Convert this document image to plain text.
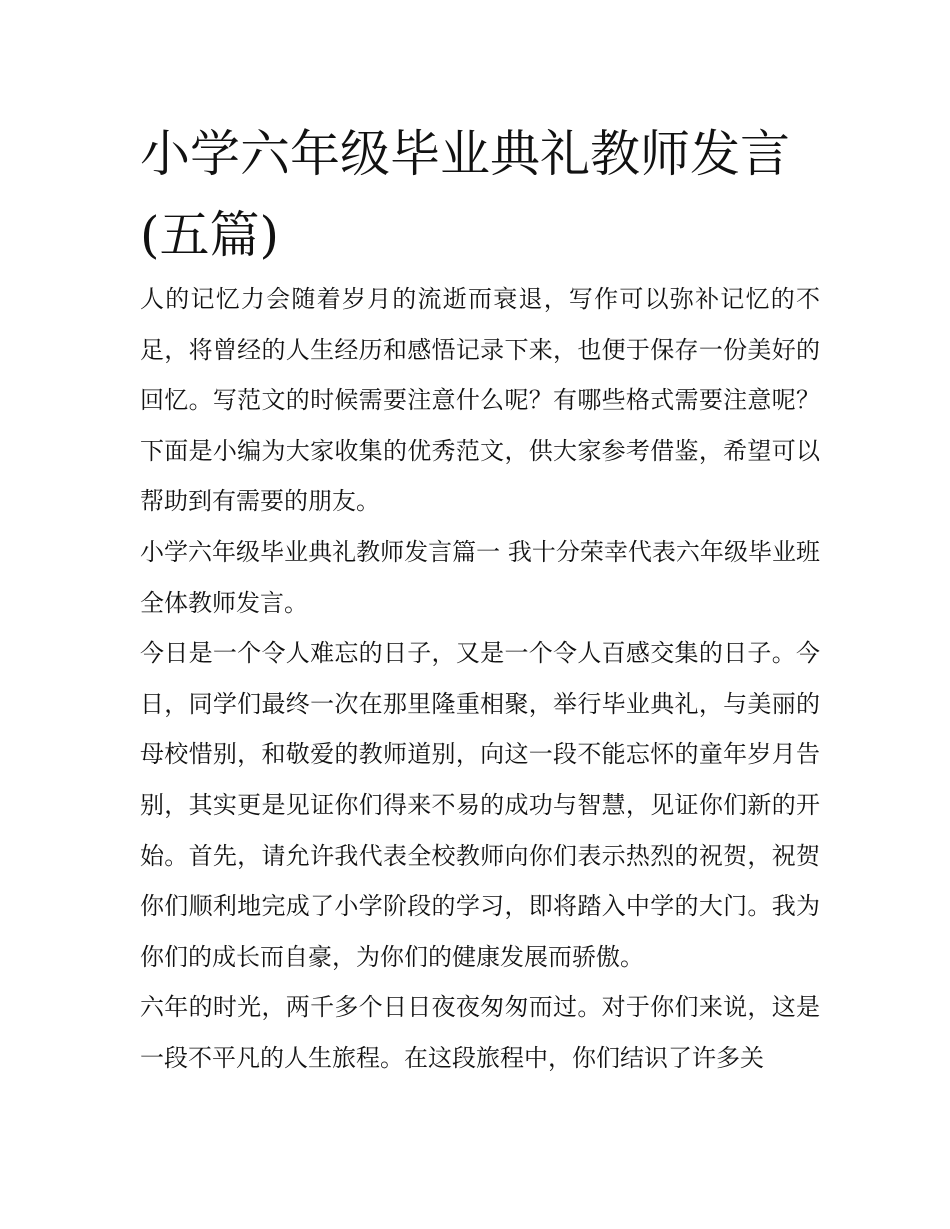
小学六年级毕业典礼教师发言(五篇)

人的记忆力会随着岁月的流逝而衰退，写作可以弥补记忆的不足，将曾经的人生经历和感悟记录下来，也便于保存一份美好的回忆。写范文的时候需要注意什么呢？有哪些格式需要注意呢？下面是小编为大家收集的优秀范文，供大家参考借鉴，希望可以帮助到有需要的朋友。

小学六年级毕业典礼教师发言篇一 我十分荣幸代表六年级毕业班全体教师发言。

今日是一个令人难忘的日子，又是一个令人百感交集的日子。今日，同学们最终一次在那里隆重相聚，举行毕业典礼，与美丽的母校惜别，和敬爱的教师道别，向这一段不能忘怀的童年岁月告别，其实更是见证你们得来不易的成功与智慧，见证你们新的开始。首先，请允许我代表全校教师向你们表示热烈的祝贺，祝贺你们顺利地完成了小学阶段的学习，即将踏入中学的大门。我为你们的成长而自豪，为你们的健康发展而骄傲。

六年的时光，两千多个日日夜夜匆匆而过。对于你们来说，这是一段不平凡的人生旅程。在这段旅程中，你们结识了许多关
